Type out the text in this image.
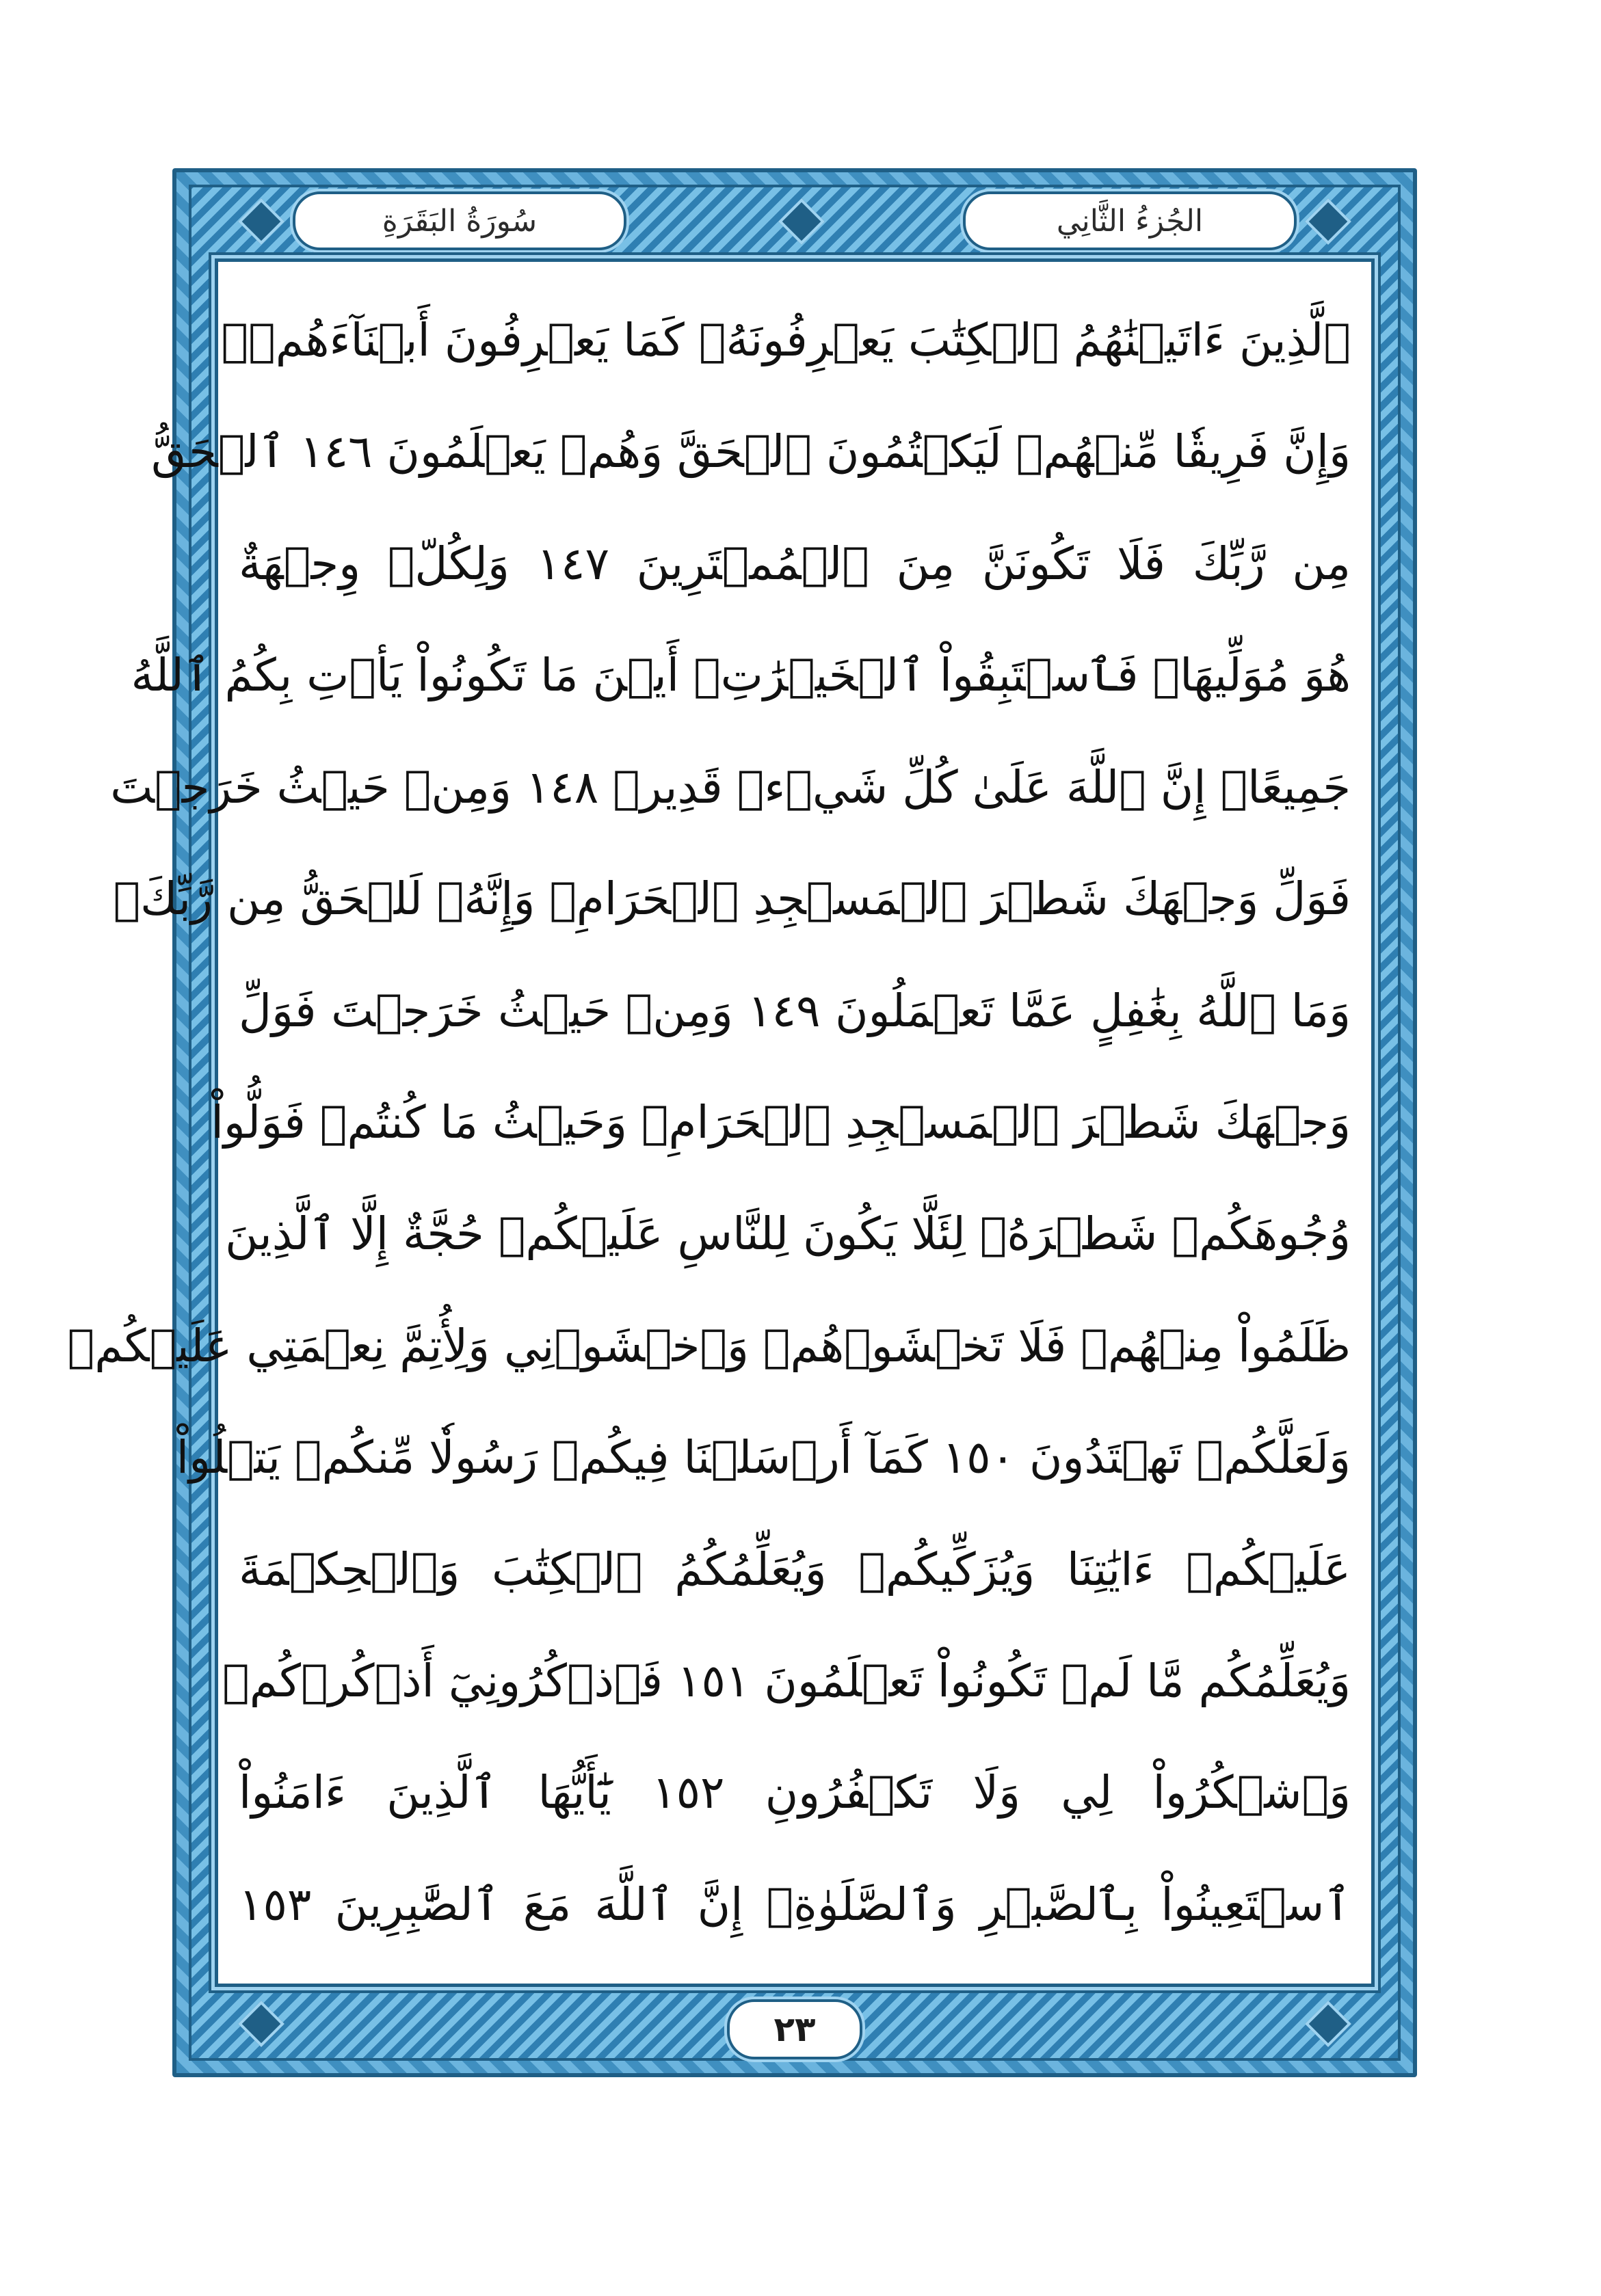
سُورَةُ البَقَرَةِ	الجُزءُ الثَّانِي
ٱلَّذِينَ ءَاتَيۡنَٰهُمُ ٱلۡكِتَٰبَ يَعۡرِفُونَهُۥ كَمَا يَعۡرِفُونَ أَبۡنَآءَهُمۡۖ
وَإِنَّ فَرِيقٗا مِّنۡهُمۡ لَيَكۡتُمُونَ ٱلۡحَقَّ وَهُمۡ يَعۡلَمُونَ ١٤٦ ٱلۡحَقُّ
مِن رَّبِّكَ فَلَا تَكُونَنَّ مِنَ ٱلۡمُمۡتَرِينَ ١٤٧ وَلِكُلّٖ وِجۡهَةٌ
هُوَ مُوَلِّيهَاۖ فَٱسۡتَبِقُواْ ٱلۡخَيۡرَٰتِۚ أَيۡنَ مَا تَكُونُواْ يَأۡتِ بِكُمُ ٱللَّهُ
جَمِيعًاۚ إِنَّ ٱللَّهَ عَلَىٰ كُلِّ شَيۡءٖ قَدِيرٞ ١٤٨ وَمِنۡ حَيۡثُ خَرَجۡتَ
فَوَلِّ وَجۡهَكَ شَطۡرَ ٱلۡمَسۡجِدِ ٱلۡحَرَامِۖ وَإِنَّهُۥ لَلۡحَقُّ مِن رَّبِّكَۗ
وَمَا ٱللَّهُ بِغَٰفِلٍ عَمَّا تَعۡمَلُونَ ١٤٩ وَمِنۡ حَيۡثُ خَرَجۡتَ فَوَلِّ
وَجۡهَكَ شَطۡرَ ٱلۡمَسۡجِدِ ٱلۡحَرَامِۚ وَحَيۡثُ مَا كُنتُمۡ فَوَلُّواْ
وُجُوهَكُمۡ شَطۡرَهُۥ لِئَلَّا يَكُونَ لِلنَّاسِ عَلَيۡكُمۡ حُجَّةٌ إِلَّا ٱلَّذِينَ
ظَلَمُواْ مِنۡهُمۡ فَلَا تَخۡشَوۡهُمۡ وَٱخۡشَوۡنِي وَلِأُتِمَّ نِعۡمَتِي عَلَيۡكُمۡ
وَلَعَلَّكُمۡ تَهۡتَدُونَ ١٥٠ كَمَآ أَرۡسَلۡنَا فِيكُمۡ رَسُولٗا مِّنكُمۡ يَتۡلُواْ
عَلَيۡكُمۡ ءَايَٰتِنَا وَيُزَكِّيكُمۡ وَيُعَلِّمُكُمُ ٱلۡكِتَٰبَ وَٱلۡحِكۡمَةَ
وَيُعَلِّمُكُم مَّا لَمۡ تَكُونُواْ تَعۡلَمُونَ ١٥١ فَٱذۡكُرُونِيٓ أَذۡكُرۡكُمۡ
وَٱشۡكُرُواْ لِي وَلَا تَكۡفُرُونِ ١٥٢ يَٰٓأَيُّهَا ٱلَّذِينَ ءَامَنُواْ
ٱسۡتَعِينُواْ بِٱلصَّبۡرِ وَٱلصَّلَوٰةِۚ إِنَّ ٱللَّهَ مَعَ ٱلصَّٰبِرِينَ ١٥٣
٢٣
